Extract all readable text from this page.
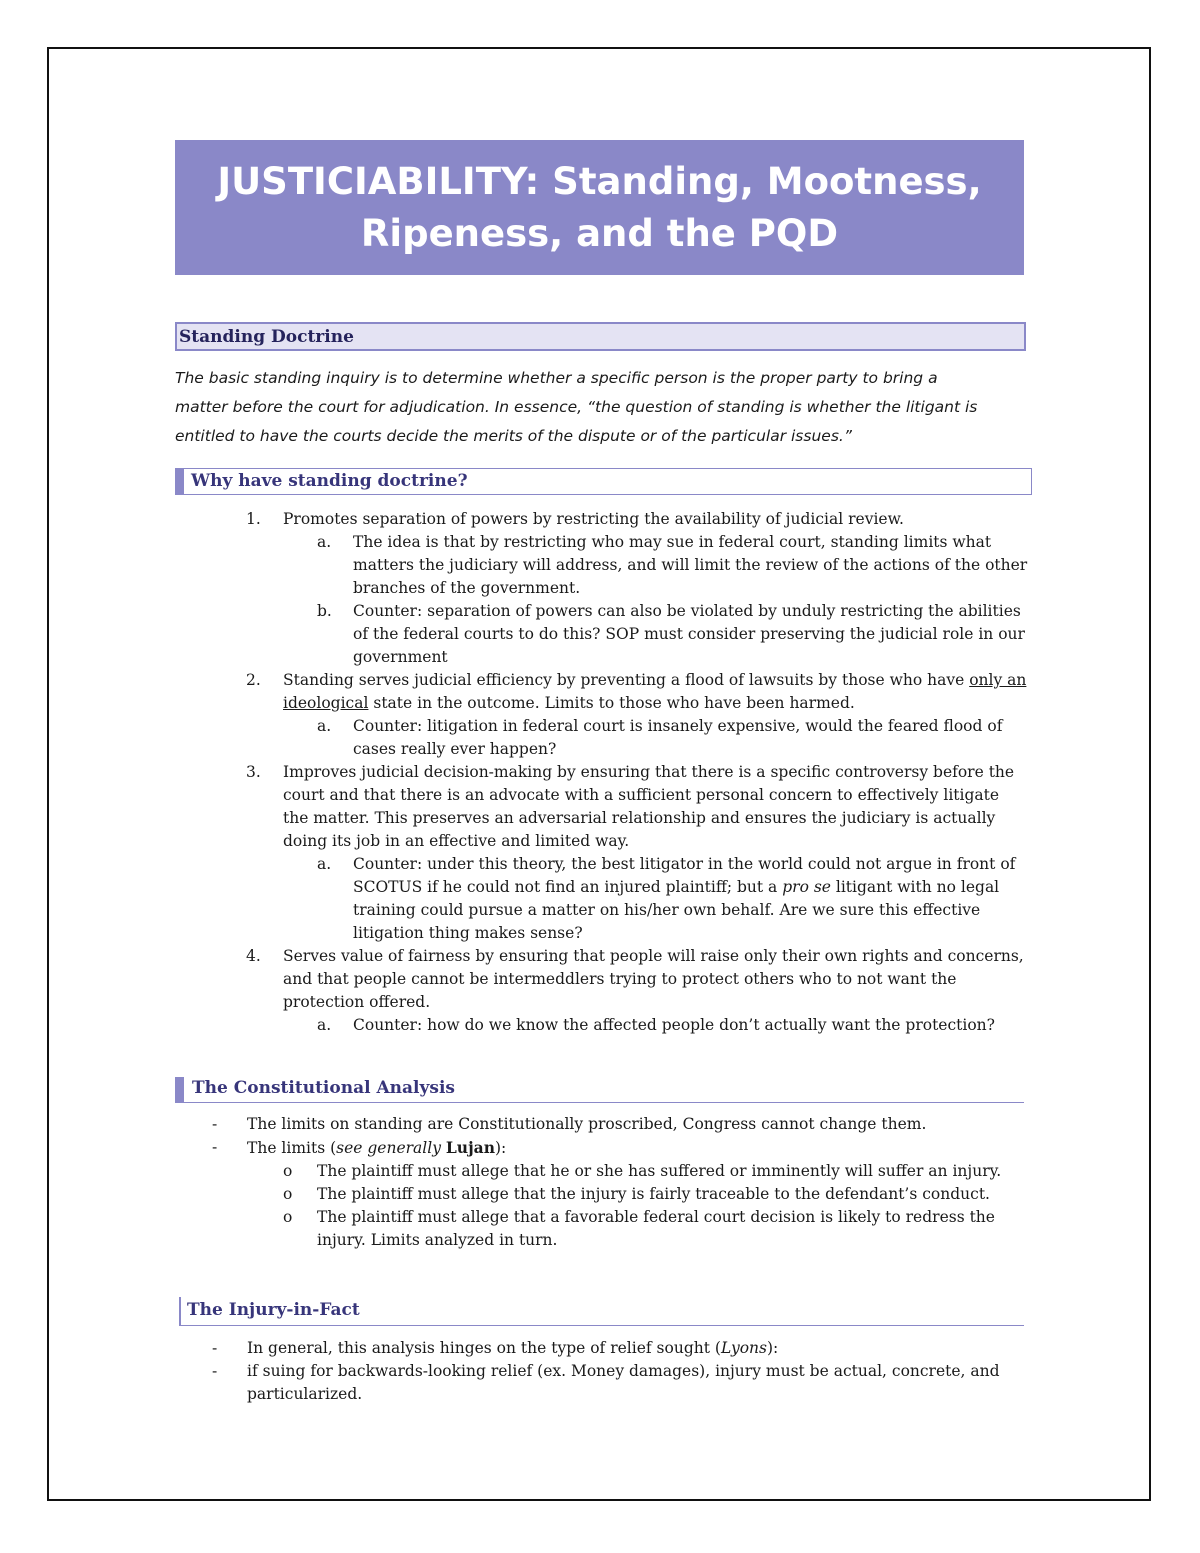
JUSTICIABILITY: Standing, Mootness,
Ripeness, and the PQD
Standing Doctrine

The basic standing inquiry is to determine whether a specific person is the proper party to bring a

matter before the court for adjudication. In essence, “the question of standing is whether the litigant is

entitled to have the courts decide the merits of the dispute or of the particular issues.”

Why have standing doctrine?
1. Promotes separation of powers by restricting the availability of judicial review.
a. The idea is that by restricting who may sue in federal court, standing limits what matters the judiciary will address, and will limit the review of the actions of the other branches of the government.
b. Counter: separation of powers can also be violated by unduly restricting the abilities of the federal courts to do this? SOP must consider preserving the judicial role in our government
2. Standing serves judicial efficiency by preventing a flood of lawsuits by those who have only an ideological state in the outcome. Limits to those who have been harmed.
a. Counter: litigation in federal court is insanely expensive, would the feared flood of cases really ever happen?
3. Improves judicial decision-making by ensuring that there is a specific controversy before the court and that there is an advocate with a sufficient personal concern to effectively litigate the matter. This preserves an adversarial relationship and ensures the judiciary is actually doing its job in an effective and limited way.
a. Counter: under this theory, the best litigator in the world could not argue in front of SCOTUS if he could not find an injured plaintiff; but a pro se litigant with no legal training could pursue a matter on his/her own behalf. Are we sure this effective litigation thing makes sense?
4. Serves value of fairness by ensuring that people will raise only their own rights and concerns, and that people cannot be intermeddlers trying to protect others who to not want the protection offered.
a. Counter: how do we know the affected people don’t actually want the protection?
The Constitutional Analysis
- The limits on standing are Constitutionally proscribed, Congress cannot change them.
- The limits (see generally Lujan):
o The plaintiff must allege that he or she has suffered or imminently will suffer an injury.
o The plaintiff must allege that the injury is fairly traceable to the defendant’s conduct.
o The plaintiff must allege that a favorable federal court decision is likely to redress the injury. Limits analyzed in turn.
The Injury-in-Fact
- In general, this analysis hinges on the type of relief sought (Lyons):
- if suing for backwards-looking relief (ex. Money damages), injury must be actual, concrete, and particularized.
